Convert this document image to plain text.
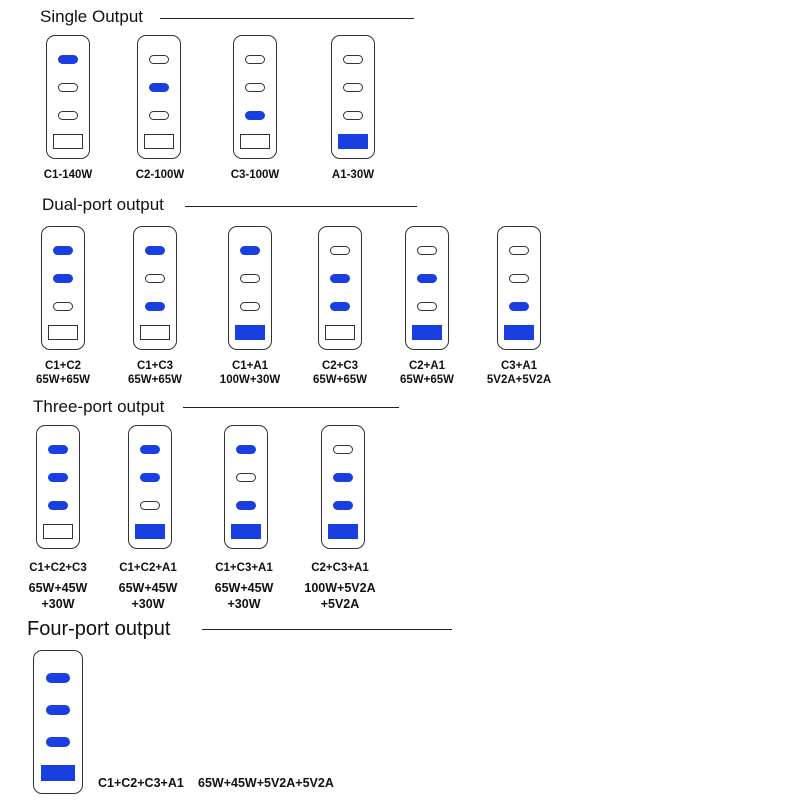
Single Output
C1-140W	C2-100W	C3-100W	A1-30W
Dual-port output
C1+C2
65W+65W
C1+C3
65W+65W
C1+A1
100W+30W
C2+C3
65W+65W
C2+A1
65W+65W
C3+A1
5V2A+5V2A
Three-port output
C1+C2+C3
65W+45W
+30W
C1+C2+A1
65W+45W
+30W
C1+C3+A1
65W+45W
+30W
C2+C3+A1
100W+5V2A
+5V2A
Four-port output
C1+C2+C3+A1 65W+45W+5V2A+5V2A
